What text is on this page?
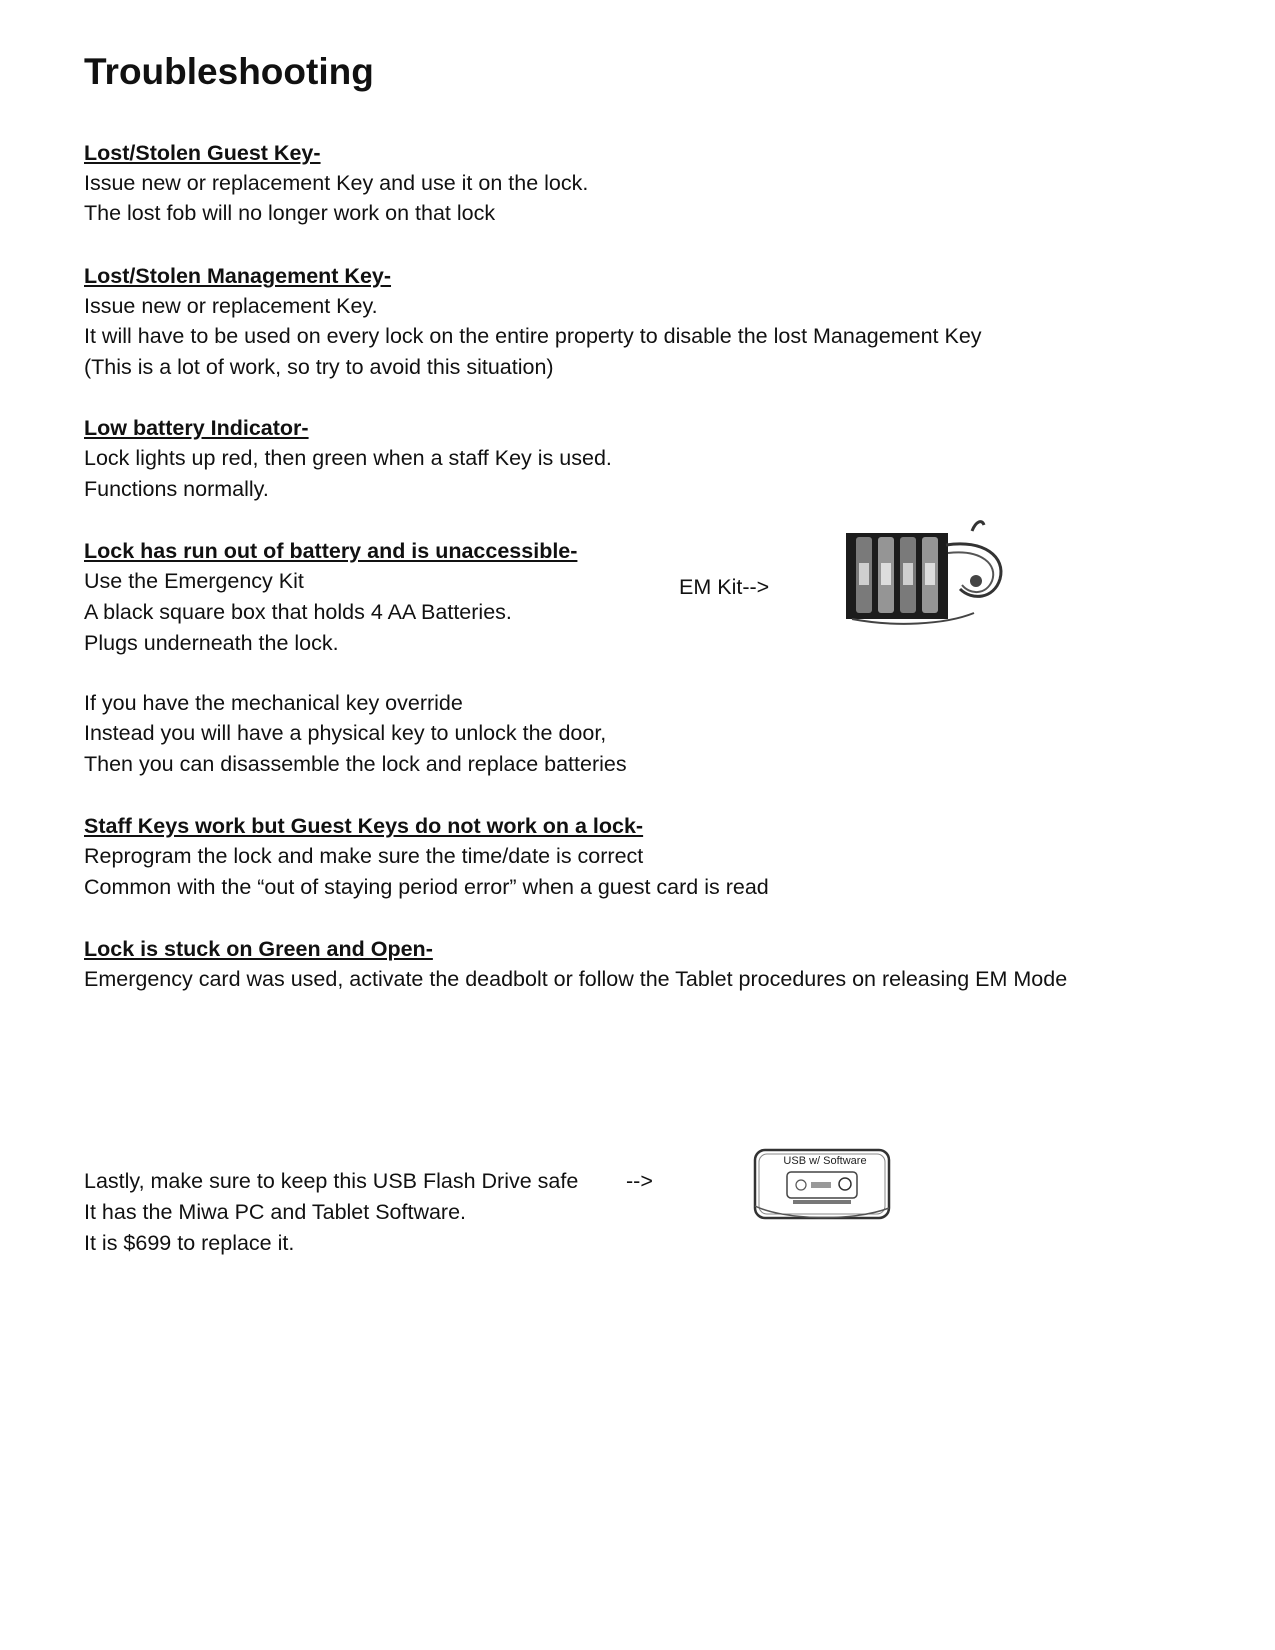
Troubleshooting
Lost/Stolen Guest Key-
Issue new or replacement Key and use it on the lock.
The lost fob will no longer work on that lock
Lost/Stolen Management Key-
Issue new or replacement Key.
It will have to be used on every lock on the entire property to disable the lost Management Key
(This is a lot of work, so try to avoid this situation)
Low battery Indicator-
Lock lights up red, then green when a staff Key is used.
Functions normally.
Lock has run out of battery and is unaccessible-
Use the Emergency Kit
A black square box that holds 4 AA Batteries.
Plugs underneath the lock.
EM Kit-->
If you have the mechanical key override
Instead you will have a physical key to unlock the door,
Then you can disassemble the lock and replace batteries
Staff Keys work but Guest Keys do not work on a lock-
Reprogram the lock and make sure the time/date is correct
Common with the “out of staying period error” when a guest card is read
Lock is stuck on Green and Open-
Emergency card was used, activate the deadbolt or follow the Tablet procedures on releasing EM Mode
Lastly, make sure to keep this USB Flash Drive safe -->
It has the Miwa PC and Tablet Software.
It is $699 to replace it.
USB w/ Software
